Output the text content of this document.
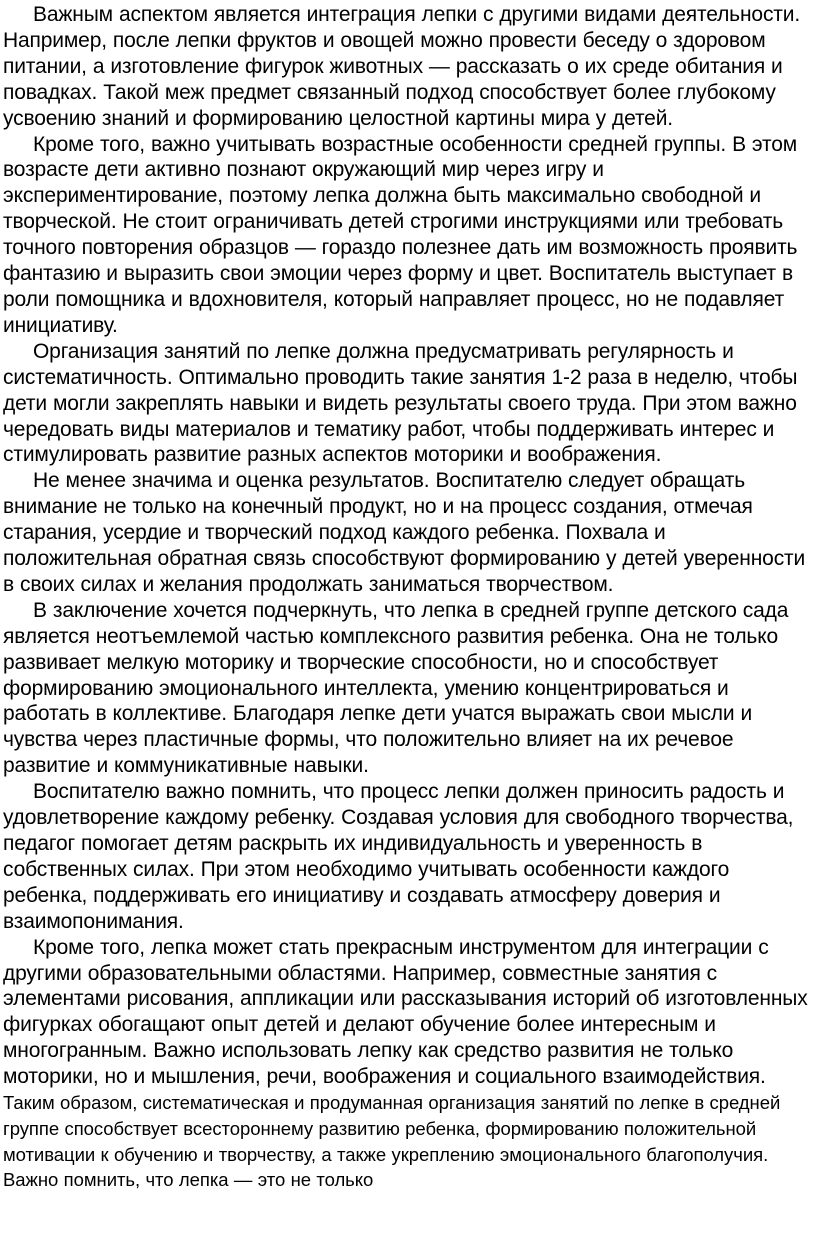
Важным аспектом является интеграция лепки с другими видами деятельности. Например, после лепки фруктов и овощей можно провести беседу о здоровом питании, а изготовление фигурок животных — рассказать о их среде обитания и повадках. Такой меж предмет связанный подход способствует более глубокому усвоению знаний и формированию целостной картины мира у детей.

Кроме того, важно учитывать возрастные особенности средней группы. В этом возрасте дети активно познают окружающий мир через игру и экспериментирование, поэтому лепка должна быть максимально свободной и творческой. Не стоит ограничивать детей строгими инструкциями или требовать точного повторения образцов — гораздо полезнее дать им возможность проявить фантазию и выразить свои эмоции через форму и цвет. Воспитатель выступает в роли помощника и вдохновителя, который направляет процесс, но не подавляет инициативу.

Организация занятий по лепке должна предусматривать регулярность и систематичность. Оптимально проводить такие занятия 1-2 раза в неделю, чтобы дети могли закреплять навыки и видеть результаты своего труда. При этом важно чередовать виды материалов и тематику работ, чтобы поддерживать интерес и стимулировать развитие разных аспектов моторики и воображения.

Не менее значима и оценка результатов. Воспитателю следует обращать внимание не только на конечный продукт, но и на процесс создания, отмечая старания, усердие и творческий подход каждого ребенка. Похвала и положительная обратная связь способствуют формированию у детей уверенности в своих силах и желания продолжать заниматься творчеством.

В заключение хочется подчеркнуть, что лепка в средней группе детского сада является неотъемлемой частью комплексного развития ребенка. Она не только развивает мелкую моторику и творческие способности, но и способствует формированию эмоционального интеллекта, умению концентрироваться и работать в коллективе. Благодаря лепке дети учатся выражать свои мысли и чувства через пластичные формы, что положительно влияет на их речевое развитие и коммуникативные навыки.

Воспитателю важно помнить, что процесс лепки должен приносить радость и удовлетворение каждому ребенку. Создавая условия для свободного творчества, педагог помогает детям раскрыть их индивидуальность и уверенность в собственных силах. При этом необходимо учитывать особенности каждого ребенка, поддерживать его инициативу и создавать атмосферу доверия и взаимопонимания.

Кроме того, лепка может стать прекрасным инструментом для интеграции с другими образовательными областями. Например, совместные занятия с элементами рисования, аппликации или рассказывания историй об изготовленных фигурках обогащают опыт детей и делают обучение более интересным и многогранным. Важно использовать лепку как средство развития не только моторики, но и мышления, речи, воображения и социального взаимодействия.

Таким образом, систематическая и продуманная организация занятий по лепке в средней группе способствует всестороннему развитию ребенка, формированию положительной мотивации к обучению и творчеству, а также укреплению эмоционального благополучия. Важно помнить, что лепка — это не только
